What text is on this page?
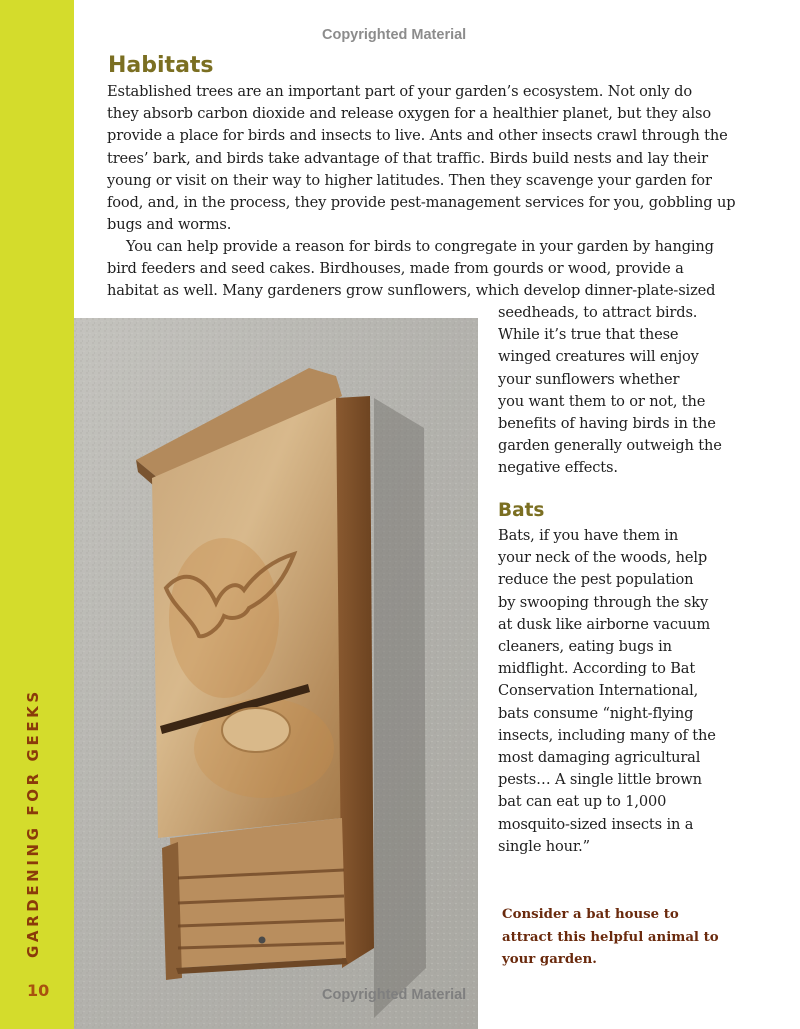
GARDENING FOR GEEKS
10
Copyrighted Material
Habitats

Established trees are an important part of your garden’s ecosystem. Not only do
they absorb carbon dioxide and release oxygen for a healthier planet, but they also
provide a place for birds and insects to live. Ants and other insects crawl through the
trees’ bark, and birds take advantage of that traffic. Birds build nests and lay their
young or visit on their way to higher latitudes. Then they scavenge your garden for
food, and, in the process, they provide pest-management services for you, gobbling up
bugs and worms.

You can help provide a reason for birds to congregate in your garden by hanging
bird feeders and seed cakes. Birdhouses, made from gourds or wood, provide a
habitat as well. Many gardeners grow sunflowers, which develop dinner-plate-sized

seedheads, to attract birds.
While it’s true that these
winged creatures will enjoy
your sunflowers whether
you want them to or not, the
benefits of having birds in the
garden generally outweigh the
negative effects.

Bats

Bats, if you have them in
your neck of the woods, help
reduce the pest population
by swooping through the sky
at dusk like airborne vacuum
cleaners, eating bugs in
midflight. According to Bat
Conservation International,
bats consume “night-flying
insects, including many of the
most damaging agricultural
pests… A single little brown
bat can eat up to 1,000
mosquito-sized insects in a
single hour.”

Consider a bat house to
attract this helpful animal to
your garden.

Copyrighted Material
